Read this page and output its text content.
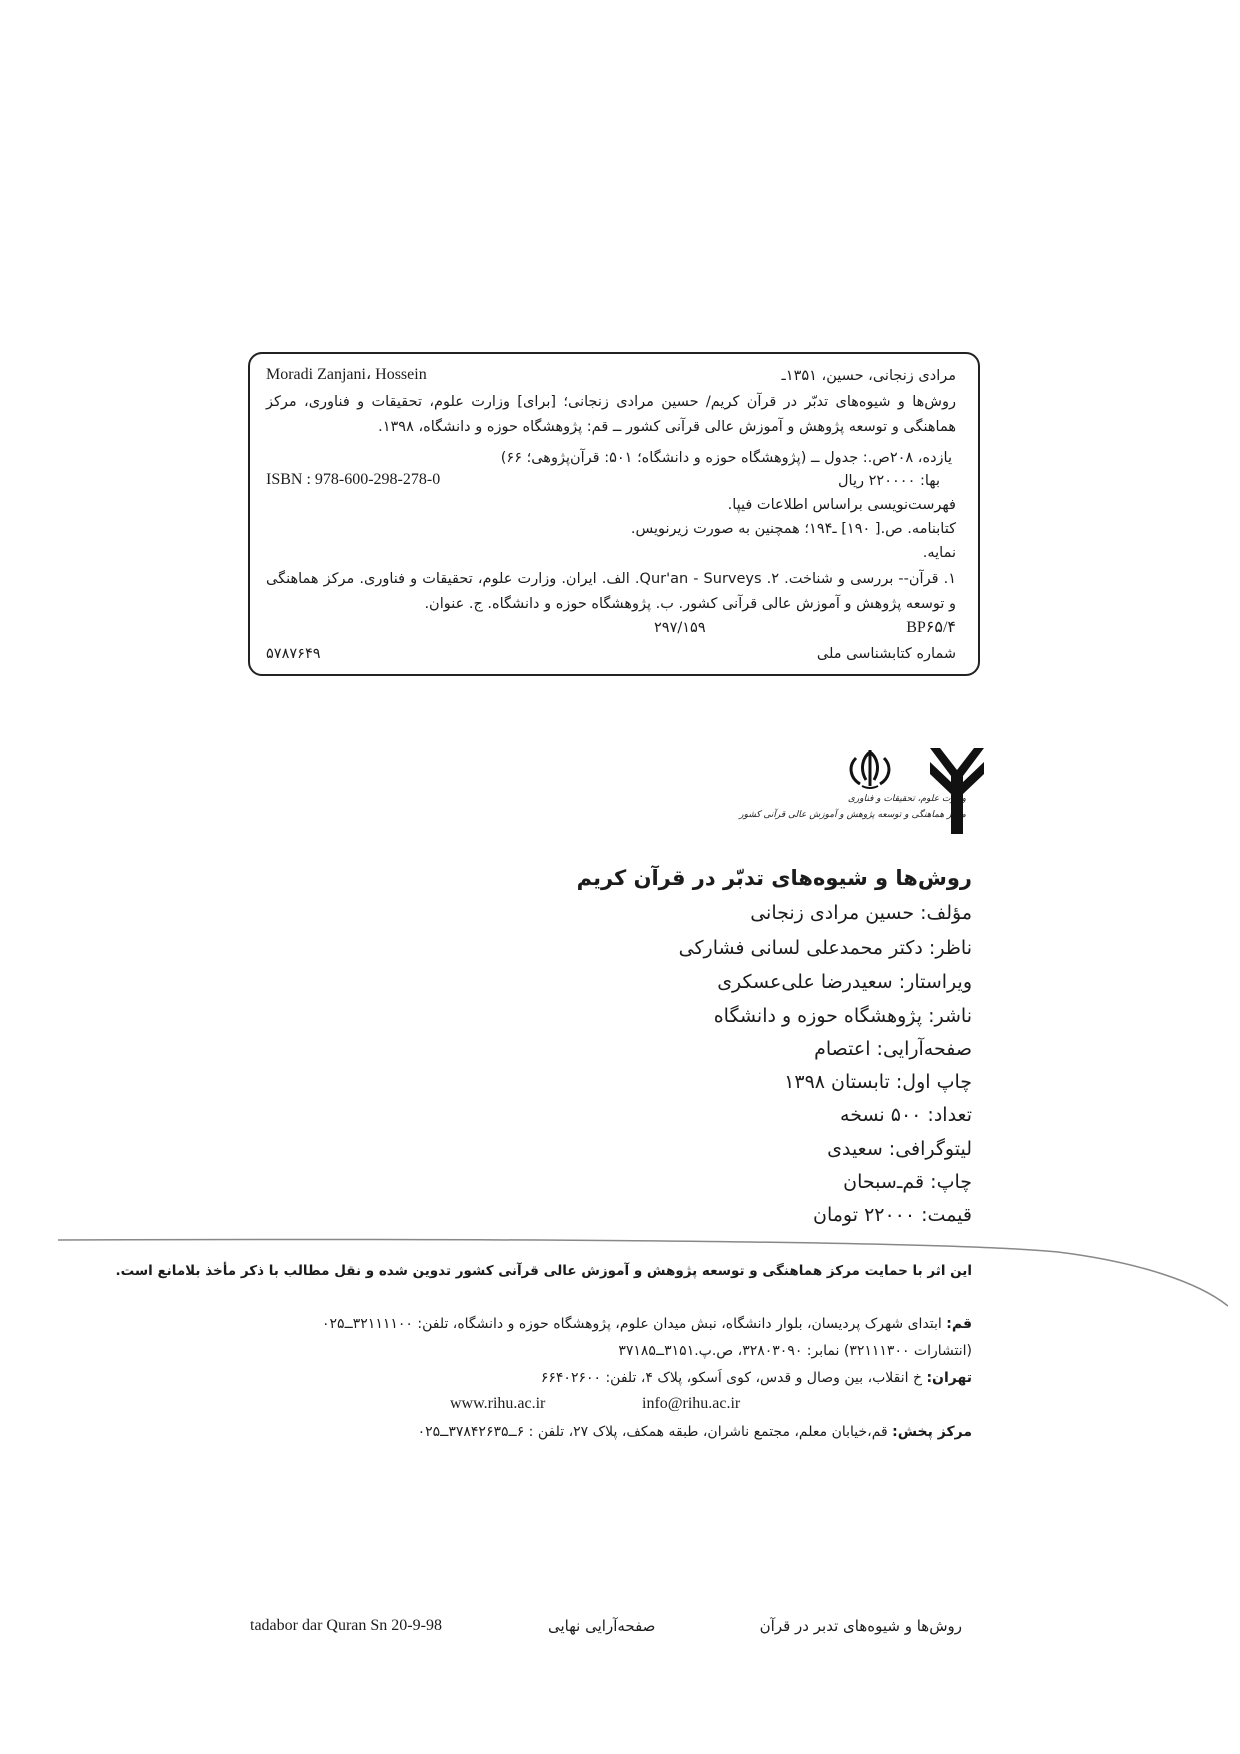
مرادی زنجانی، حسین، ۱۳۵۱ـ
Moradi Zanjani، Hossein
روش‌ها و شیوه‌های تدبّر در قرآن کریم/ حسین مرادی زنجانی؛ [برای] وزارت علوم، تحقیقات و فناوری، مرکز هماهنگی و توسعه پژوهش و آموزش عالی قرآنی کشور ــ قم: پژوهشگاه حوزه و دانشگاه، ۱۳۹۸.
یازده، ۲۰۸ص.: جدول ــ (پژوهشگاه حوزه و دانشگاه؛ ۵۰۱: قرآن‌پژوهی؛ ۶۶)
بها: ۲۲۰۰۰۰ ریال
ISBN : 978-600-298-278-0
فهرست‌نویسی براساس اطلاعات فیپا.
کتابنامه. ص.[ ۱۹۰] ـ۱۹۴؛ همچنین به صورت زیرنویس.
نمایه.
۱. قرآن-- بررسی و شناخت. ۲. Qur'an - Surveys. الف. ایران. وزارت علوم، تحقیقات و فناوری. مرکز هماهنگی و توسعه پژوهش و آموزش عالی قرآنی کشور. ب. پژوهشگاه حوزه و دانشگاه. ج. عنوان.
BP۶۵/۴
۲۹۷/۱۵۹
شماره کتابشناسی ملی
۵۷۸۷۶۴۹
وزارت علوم، تحقیقات و فناوری
مرکز هماهنگی و توسعه پژوهش و آموزش عالی قرآنی کشور
روش‌ها و شیوه‌های تدبّر در قرآن کریم
مؤلف: حسین مرادی زنجانی
ناظر: دکتر محمدعلی لسانی فشارکی
ویراستار: سعیدرضا علی‌عسکری
ناشر: پژوهشگاه حوزه و دانشگاه
صفحه‌آرایی: اعتصام
چاپ اول: تابستان ۱۳۹۸
تعداد: ۵۰۰ نسخه
لیتوگرافی: سعیدی
چاپ: قم‌ـ‌سبحان
قیمت: ۲۲۰۰۰ تومان
این اثر با حمایت مرکز هماهنگی و توسعه پژوهش و آموزش عالی قرآنی کشور تدوین شده و نقل مطالب با ذکر مأخذ بلامانع است.
قم: ابتدای شهرک پردیسان، بلوار دانشگاه، نبش میدان علوم، پژوهشگاه حوزه و دانشگاه، تلفن: ۳۲۱۱۱۱۰۰ــ۰۲۵
(انتشارات ۳۲۱۱۱۳۰۰) نمابر: ۳۲۸۰۳۰۹۰، ص.پ.۳۱۵۱ــ۳۷۱۸۵
تهران: خ انقلاب، بین وصال و قدس، کوی اَسکو، پلاک ۴، تلفن: ۶۶۴۰۲۶۰۰
www.rihu.ac.ir	info@rihu.ac.ir
مرکز پخش: قم،خیابان معلم، مجتمع ناشران، طبقه همکف، پلاک ۲۷، تلفن : ۶ــ۳۷۸۴۲۶۳۵ــ۰۲۵
روش‌ها و شیوه‌های تدبر در قرآن
صفحه‌آرایی نهایی
tadabor dar Quran Sn 20-9-98
